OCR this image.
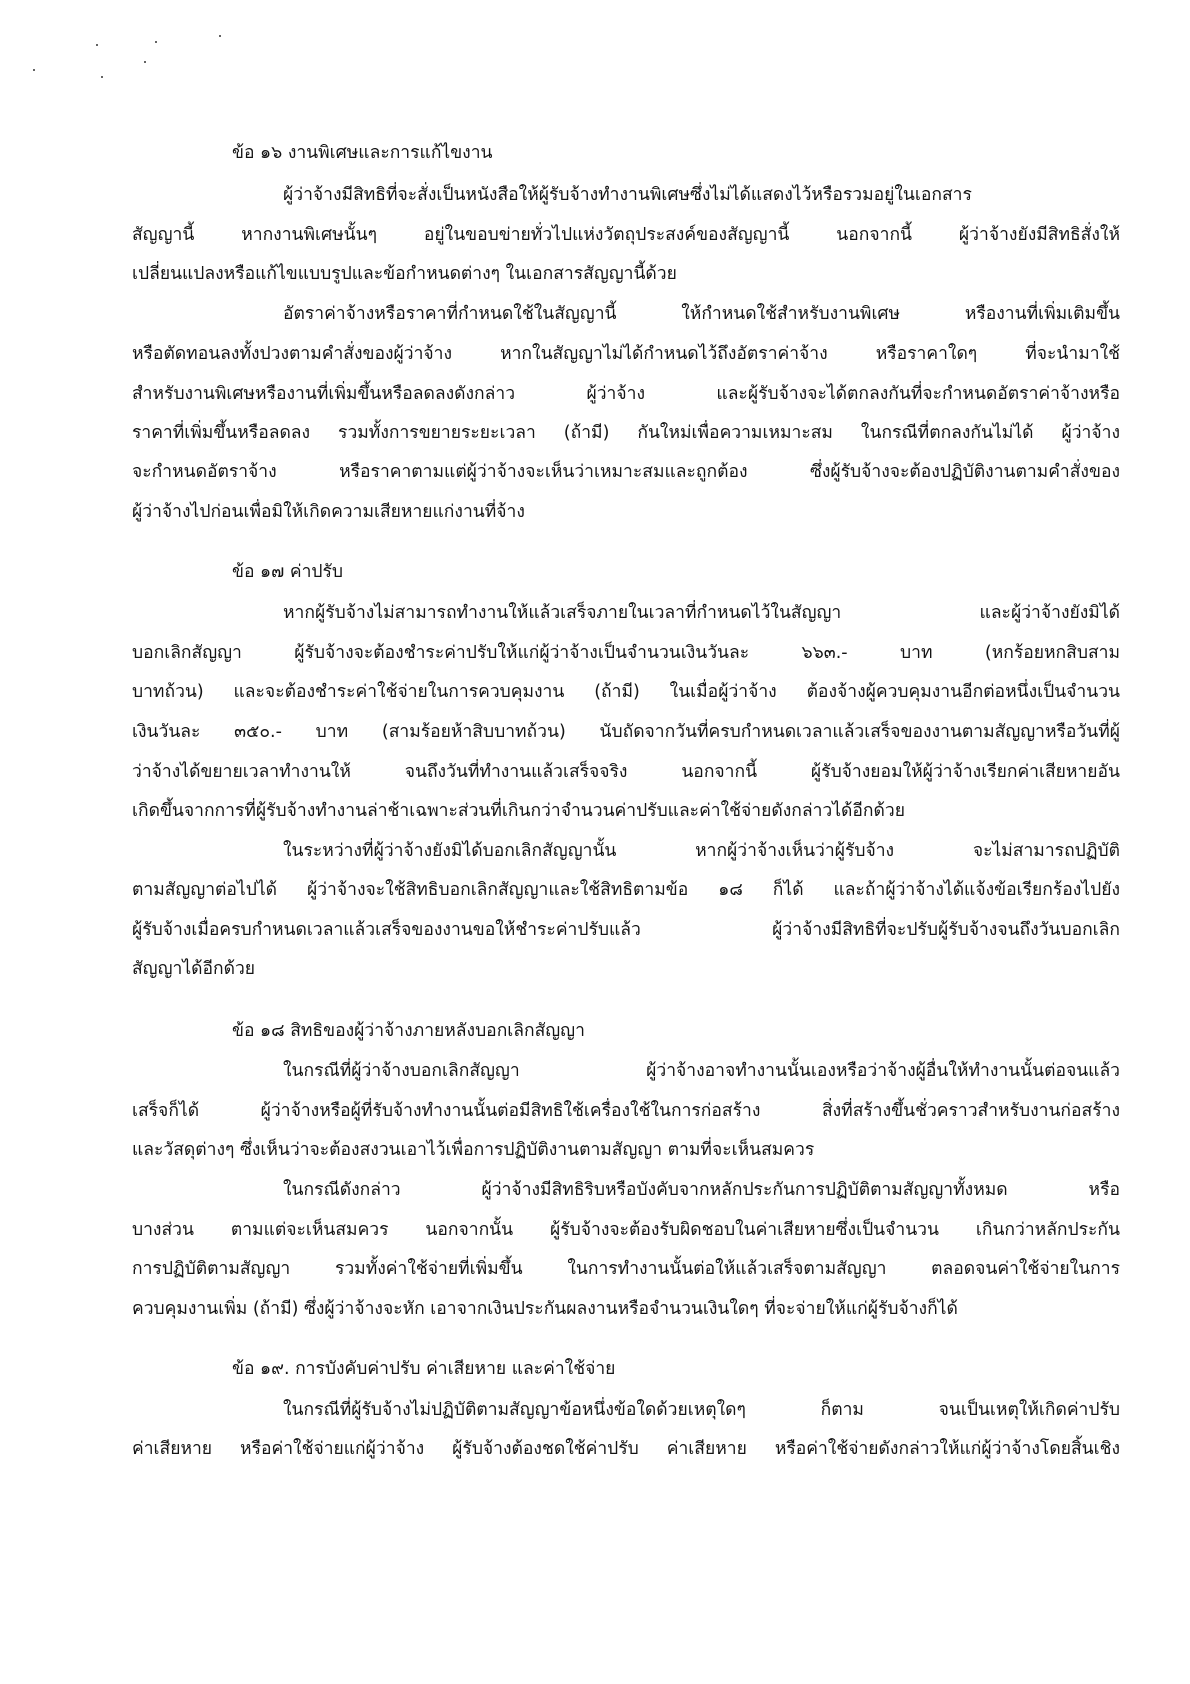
ข้อ ๑๖ งานพิเศษและการแก้ไขงาน
ผู้ว่าจ้างมีสิทธิที่จะสั่งเป็นหนังสือให้ผู้รับจ้างทำงานพิเศษซึ่งไม่ได้แสดงไว้หรือรวมอยู่ในเอกสาร
สัญญานี้ หากงานพิเศษนั้นๆ อยู่ในขอบข่ายทั่วไปแห่งวัตถุประสงค์ของสัญญานี้ นอกจากนี้ ผู้ว่าจ้างยังมีสิทธิสั่งให้
เปลี่ยนแปลงหรือแก้ไขแบบรูปและข้อกำหนดต่างๆ ในเอกสารสัญญานี้ด้วย
อัตราค่าจ้างหรือราคาที่กำหนดใช้ในสัญญานี้ ให้กำหนดใช้สำหรับงานพิเศษ หรืองานที่เพิ่มเติมขึ้น
หรือตัดทอนลงทั้งปวงตามคำสั่งของผู้ว่าจ้าง หากในสัญญาไม่ได้กำหนดไว้ถึงอัตราค่าจ้าง หรือราคาใดๆ ที่จะนำมาใช้
สำหรับงานพิเศษหรืองานที่เพิ่มขึ้นหรือลดลงดังกล่าว ผู้ว่าจ้าง และผู้รับจ้างจะได้ตกลงกันที่จะกำหนดอัตราค่าจ้างหรือ
ราคาที่เพิ่มขึ้นหรือลดลง รวมทั้งการขยายระยะเวลา (ถ้ามี) กันใหม่เพื่อความเหมาะสม ในกรณีที่ตกลงกันไม่ได้ ผู้ว่าจ้าง
จะกำหนดอัตราจ้าง หรือราคาตามแต่ผู้ว่าจ้างจะเห็นว่าเหมาะสมและถูกต้อง ซึ่งผู้รับจ้างจะต้องปฏิบัติงานตามคำสั่งของ
ผู้ว่าจ้างไปก่อนเพื่อมิให้เกิดความเสียหายแก่งานที่จ้าง
ข้อ ๑๗ ค่าปรับ
หากผู้รับจ้างไม่สามารถทำงานให้แล้วเสร็จภายในเวลาที่กำหนดไว้ในสัญญา และผู้ว่าจ้างยังมิได้
บอกเลิกสัญญา ผู้รับจ้างจะต้องชำระค่าปรับให้แก่ผู้ว่าจ้างเป็นจำนวนเงินวันละ ๖๖๓.- บาท (หกร้อยหกสิบสาม
บาทถ้วน) และจะต้องชำระค่าใช้จ่ายในการควบคุมงาน (ถ้ามี) ในเมื่อผู้ว่าจ้าง ต้องจ้างผู้ควบคุมงานอีกต่อหนึ่งเป็นจำนวน
เงินวันละ ๓๕๐.- บาท (สามร้อยห้าสิบบาทถ้วน) นับถัดจากวันที่ครบกำหนดเวลาแล้วเสร็จของงานตามสัญญาหรือวันที่ผู้
ว่าจ้างได้ขยายเวลาทำงานให้ จนถึงวันที่ทำงานแล้วเสร็จจริง นอกจากนี้ ผู้รับจ้างยอมให้ผู้ว่าจ้างเรียกค่าเสียหายอัน
เกิดขึ้นจากการที่ผู้รับจ้างทำงานล่าช้าเฉพาะส่วนที่เกินกว่าจำนวนค่าปรับและค่าใช้จ่ายดังกล่าวได้อีกด้วย
ในระหว่างที่ผู้ว่าจ้างยังมิได้บอกเลิกสัญญานั้น หากผู้ว่าจ้างเห็นว่าผู้รับจ้าง จะไม่สามารถปฏิบัติ
ตามสัญญาต่อไปได้ ผู้ว่าจ้างจะใช้สิทธิบอกเลิกสัญญาและใช้สิทธิตามข้อ ๑๘ ก็ได้ และถ้าผู้ว่าจ้างได้แจ้งข้อเรียกร้องไปยัง
ผู้รับจ้างเมื่อครบกำหนดเวลาแล้วเสร็จของงานขอให้ชำระค่าปรับแล้ว ผู้ว่าจ้างมีสิทธิที่จะปรับผู้รับจ้างจนถึงวันบอกเลิก
สัญญาได้อีกด้วย
ข้อ ๑๘ สิทธิของผู้ว่าจ้างภายหลังบอกเลิกสัญญา
ในกรณีที่ผู้ว่าจ้างบอกเลิกสัญญา ผู้ว่าจ้างอาจทำงานนั้นเองหรือว่าจ้างผู้อื่นให้ทำงานนั้นต่อจนแล้ว
เสร็จก็ได้ ผู้ว่าจ้างหรือผู้ที่รับจ้างทำงานนั้นต่อมีสิทธิใช้เครื่องใช้ในการก่อสร้าง สิ่งที่สร้างขึ้นชั่วคราวสำหรับงานก่อสร้าง
และวัสดุต่างๆ ซึ่งเห็นว่าจะต้องสงวนเอาไว้เพื่อการปฏิบัติงานตามสัญญา ตามที่จะเห็นสมควร
ในกรณีดังกล่าว ผู้ว่าจ้างมีสิทธิริบหรือบังคับจากหลักประกันการปฏิบัติตามสัญญาทั้งหมด หรือ
บางส่วน ตามแต่จะเห็นสมควร นอกจากนั้น ผู้รับจ้างจะต้องรับผิดชอบในค่าเสียหายซึ่งเป็นจำนวน เกินกว่าหลักประกัน
การปฏิบัติตามสัญญา รวมทั้งค่าใช้จ่ายที่เพิ่มขึ้น ในการทำงานนั้นต่อให้แล้วเสร็จตามสัญญา ตลอดจนค่าใช้จ่ายในการ
ควบคุมงานเพิ่ม (ถ้ามี) ซึ่งผู้ว่าจ้างจะหัก เอาจากเงินประกันผลงานหรือจำนวนเงินใดๆ ที่จะจ่ายให้แก่ผู้รับจ้างก็ได้
ข้อ ๑๙. การบังคับค่าปรับ ค่าเสียหาย และค่าใช้จ่าย
ในกรณีที่ผู้รับจ้างไม่ปฏิบัติตามสัญญาข้อหนึ่งข้อใดด้วยเหตุใดๆ ก็ตาม จนเป็นเหตุให้เกิดค่าปรับ
ค่าเสียหาย หรือค่าใช้จ่ายแก่ผู้ว่าจ้าง ผู้รับจ้างต้องชดใช้ค่าปรับ ค่าเสียหาย หรือค่าใช้จ่ายดังกล่าวให้แก่ผู้ว่าจ้างโดยสิ้นเชิง
